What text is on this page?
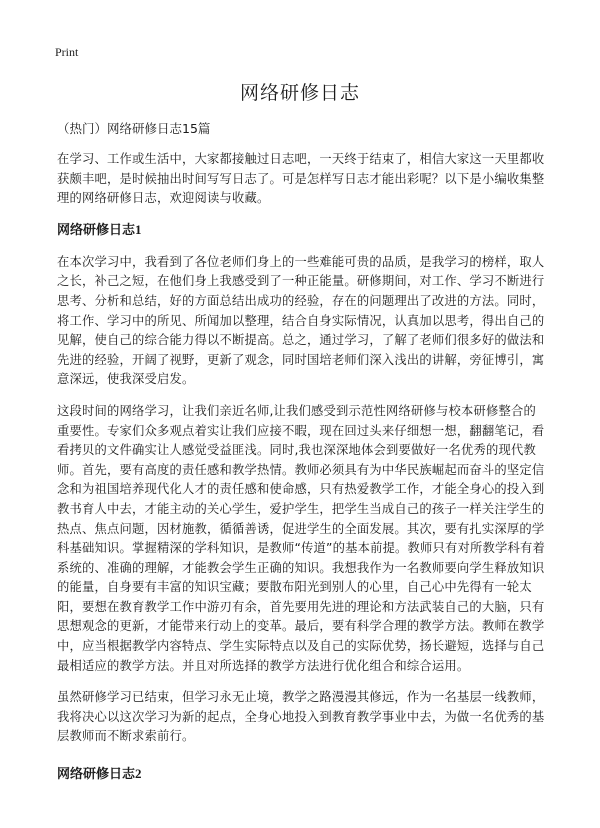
Print
网络研修日志
（热门）网络研修日志15篇

在学习、工作或生活中，大家都接触过日志吧，一天终于结束了，相信大家这一天里都收获颇丰吧，是时候抽出时间写写日志了。可是怎样写日志才能出彩呢？以下是小编收集整理的网络研修日志，欢迎阅读与收藏。

网络研修日志1

在本次学习中，我看到了各位老师们身上的一些难能可贵的品质，是我学习的榜样，取人之长，补己之短，在他们身上我感受到了一种正能量。研修期间，对工作、学习不断进行思考、分析和总结，好的方面总结出成功的经验，存在的问题理出了改进的方法。同时，将工作、学习中的所见、所闻加以整理，结合自身实际情况，认真加以思考，得出自己的见解，使自己的综合能力得以不断提高。总之，通过学习，了解了老师们很多好的做法和先进的经验，开阔了视野，更新了观念，同时国培老师们深入浅出的讲解，旁征博引，寓意深远，使我深受启发。

这段时间的网络学习，让我们亲近名师,让我们感受到示范性网络研修与校本研修整合的重要性。专家们众多观点着实让我们应接不暇，现在回过头来仔细想一想，翻翻笔记，看看拷贝的文件确实让人感觉受益匪浅。同时,我也深深地体会到要做好一名优秀的现代教师。首先，要有高度的责任感和教学热情。教师必须具有为中华民族崛起而奋斗的坚定信念和为祖国培养现代化人才的责任感和使命感，只有热爱教学工作，才能全身心的投入到教书育人中去，才能主动的关心学生，爱护学生，把学生当成自己的孩子一样关注学生的热点、焦点问题，因材施教，循循善诱，促进学生的全面发展。其次，要有扎实深厚的学科基础知识。掌握精深的学科知识，是教师“传道”的基本前提。教师只有对所教学科有着系统的、准确的理解，才能教会学生正确的知识。我想我作为一名教师要向学生释放知识的能量，自身要有丰富的知识宝藏；要散布阳光到别人的心里，自己心中先得有一轮太阳，要想在教育教学工作中游刃有余，首先要用先进的理论和方法武装自己的大脑，只有思想观念的更新，才能带来行动上的变革。最后，要有科学合理的教学方法。教师在教学中，应当根据教学内容特点、学生实际特点以及自己的实际优势，扬长避短，选择与自己最相适应的教学方法。并且对所选择的教学方法进行优化组合和综合运用。

虽然研修学习已结束，但学习永无止境，教学之路漫漫其修远，作为一名基层一线教师，我将决心以这次学习为新的起点，全身心地投入到教育教学事业中去，为做一名优秀的基层教师而不断求索前行。

网络研修日志2
